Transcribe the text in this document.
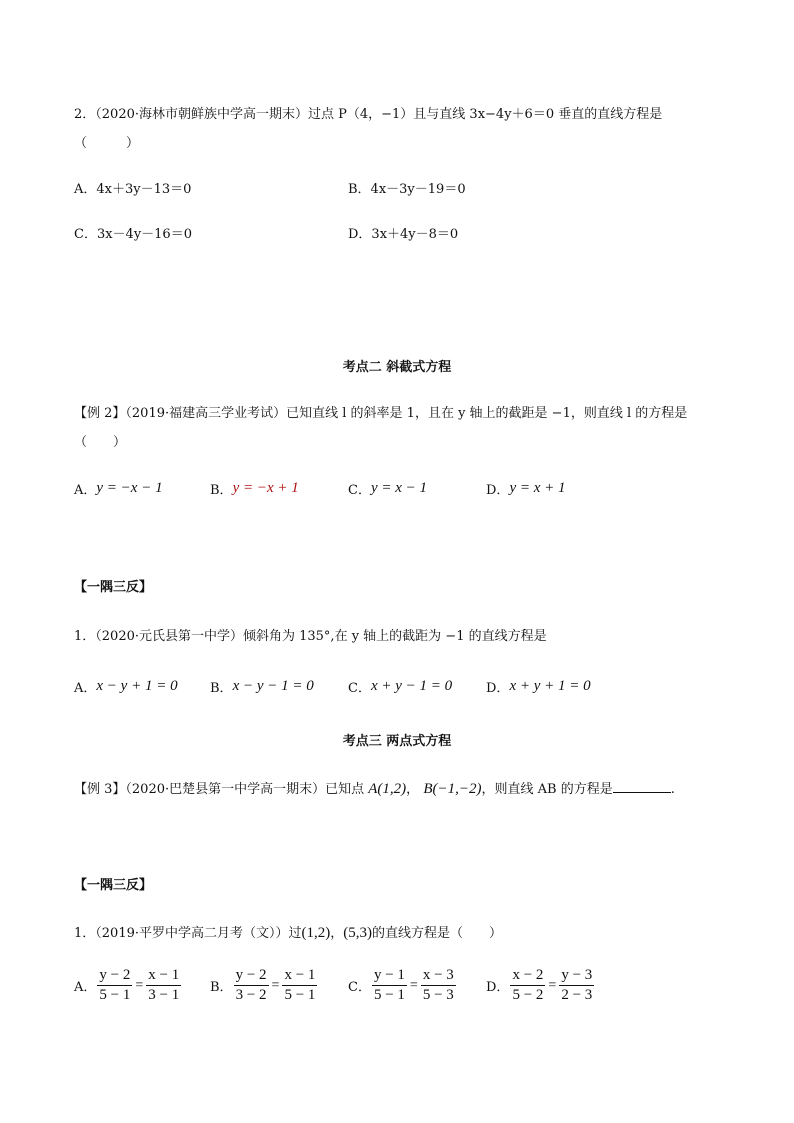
2．（2020·海林市朝鲜族中学高一期末）过点 P（4，−1）且与直线 3x−4y＋6＝0 垂直的直线方程是
（　　　）
A．4x＋3y－13＝0	B．4x－3y－19＝0
C．3x－4y－16＝0	D．3x＋4y－8＝0
考点二 斜截式方程
【例 2】（2019·福建高三学业考试）已知直线 l 的斜率是 1，且在 y 轴上的截距是 −1，则直线 l 的方程是
（　　）
A． y = −x − 1	B． y = −x + 1	C． y = x − 1	D． y = x + 1
【一隅三反】
1．（2020·元氏县第一中学）倾斜角为 135°,在 y 轴上的截距为 −1 的直线方程是
A． x − y + 1 = 0 B． x − y − 1 = 0	C． x + y − 1 = 0	D． x + y + 1 = 0
考点三 两点式方程
【例 3】（2020·巴楚县第一中学高一期末）已知点 A(1,2)， B(−1,−2)，则直线 AB 的方程是	.
【一隅三反】
1．（2019·平罗中学高二月考（文））过(1,2)，(5,3)的直线方程是（　　）
A． $\frac{y - 2}{5 - 1} = \frac{x - 1}{3 - 1}$ B． $\frac{y - 2}{3 - 2} = \frac{x - 1}{5 - 1}$ C． $\frac{y - 1}{5 - 1} = \frac{x - 3}{5 - 3}$ D． $\frac{x - 2}{5 - 2} = \frac{y - 3}{2 - 3}$
